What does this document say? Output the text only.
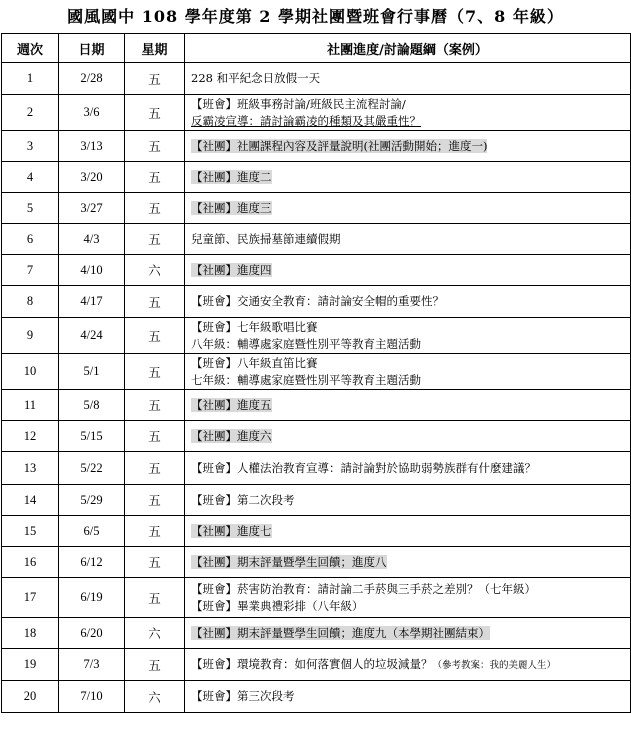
國風國中 108 學年度第 2 學期社團暨班會行事曆（7、8 年級）
週次	日期	星期	社團進度/討論題綱（案例）
1	2/28	五	228 和平紀念日放假一天

2	3/6	五	【班會】班級事務討論/班級民主流程討論/
反霸凌宣導：請討論霸凌的種類及其嚴重性？

3	3/13	五	【社團】社團課程內容及評量說明(社團活動開始；進度一)

4	3/20	五	【社團】進度二

5	3/27	五	【社團】進度三

6	4/3	五	兒童節、民族掃墓節連續假期

7	4/10	六	【社團】進度四

8	4/17	五	【班會】交通安全教育：請討論安全帽的重要性？

9	4/24	五	【班會】七年級歌唱比賽
八年級：輔導處家庭暨性別平等教育主題活動

10	5/1	五	【班會】八年級直笛比賽
七年級：輔導處家庭暨性別平等教育主題活動

11	5/8	五	【社團】進度五

12	5/15	五	【社團】進度六

13	5/22	五	【班會】人權法治教育宣導：請討論對於協助弱勢族群有什麼建議？

14	5/29	五	【班會】第二次段考

15	6/5	五	【社團】進度七

16	6/12	五	【社團】期末評量暨學生回饋；進度八

17	6/19	五	【班會】菸害防治教育：請討論二手菸與三手菸之差別？（七年級）
【班會】畢業典禮彩排（八年級）

18	6/20	六	【社團】期末評量暨學生回饋；進度九（本學期社團結束）

19	7/3	五	【班會】環境教育：如何落實個人的垃圾減量？（參考教案：我的美麗人生）

20	7/10	六	【班會】第三次段考
